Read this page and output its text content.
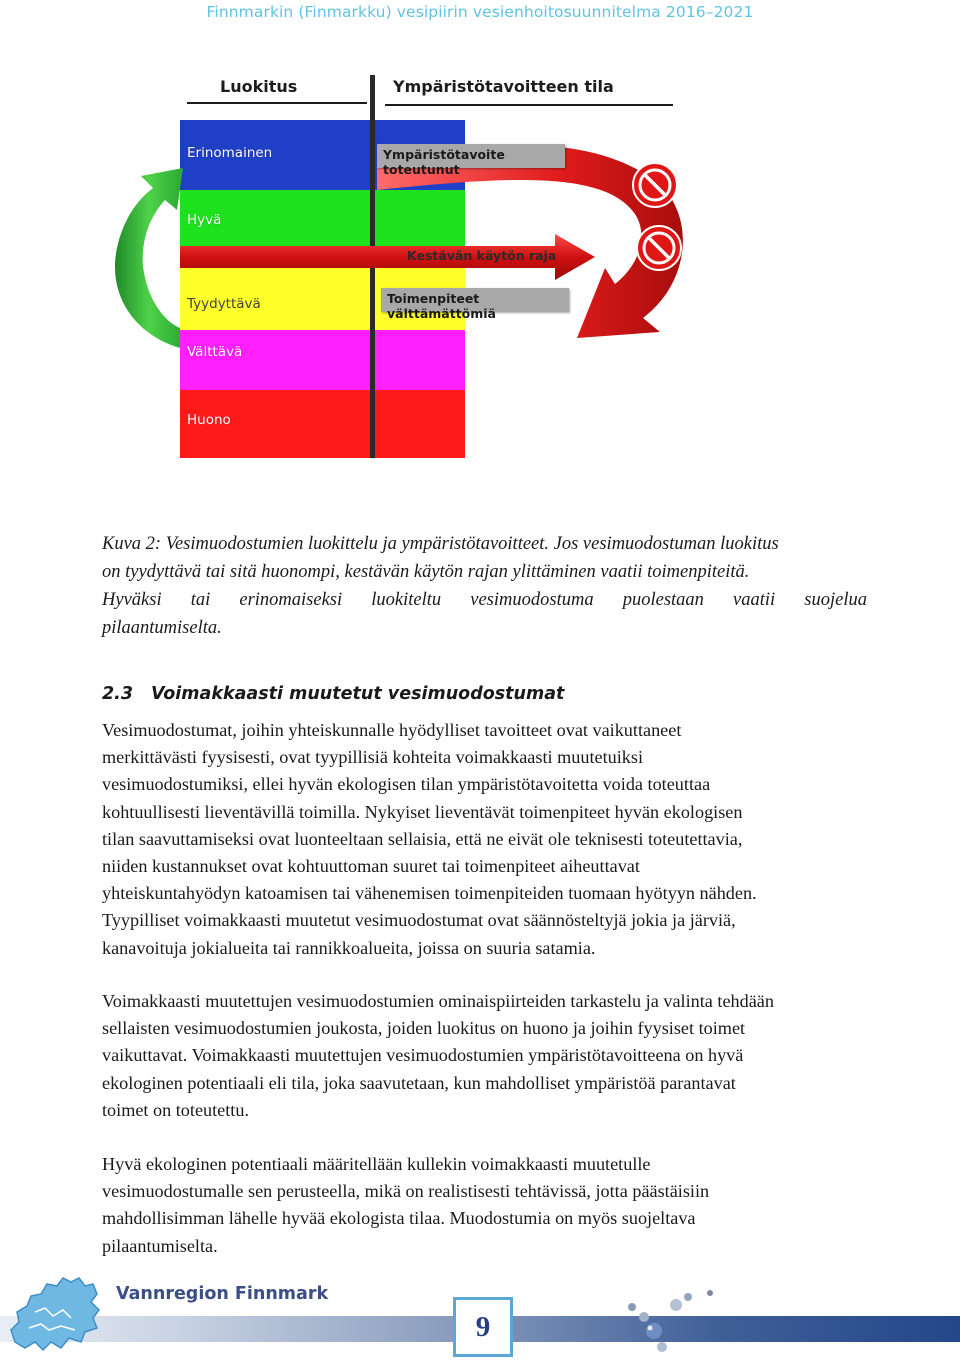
Finnmarkin (Finmarkku) vesipiirin vesienhoitosuunnitelma 2016–2021
Luokitus	Ympäristötavoitteen tila
Erinomainen
Hyvä
Tyydyttävä
Välttävä
Huono
Ympäristötavoite toteutunut
Kestävän käytön raja
Toimenpiteet välttämättömiä
Kuva 2: Vesimuodostumien luokittelu ja ympäristötavoitteet. Jos vesimuodostuman luokitus
on tyydyttävä tai sitä huonompi, kestävän käytön rajan ylittäminen vaatii toimenpiteitä.
Hyväksi tai erinomaiseksi luokiteltu vesimuodostuma puolestaan vaatii suojelua
pilaantumiselta.
2.3 Voimakkaasti muutetut vesimuodostumat
Vesimuodostumat, joihin yhteiskunnalle hyödylliset tavoitteet ovat vaikuttaneet
merkittävästi fyysisesti, ovat tyypillisiä kohteita voimakkaasti muutetuiksi
vesimuodostumiksi, ellei hyvän ekologisen tilan ympäristötavoitetta voida toteuttaa
kohtuullisesti lieventävillä toimilla. Nykyiset lieventävät toimenpiteet hyvän ekologisen
tilan saavuttamiseksi ovat luonteeltaan sellaisia, että ne eivät ole teknisesti toteutettavia,
niiden kustannukset ovat kohtuuttoman suuret tai toimenpiteet aiheuttavat
yhteiskuntahyödyn katoamisen tai vähenemisen toimenpiteiden tuomaan hyötyyn nähden.
Tyypilliset voimakkaasti muutetut vesimuodostumat ovat säännösteltyjä jokia ja järviä,
kanavoituja jokialueita tai rannikkoalueita, joissa on suuria satamia.
Voimakkaasti muutettujen vesimuodostumien ominaispiirteiden tarkastelu ja valinta tehdään
sellaisten vesimuodostumien joukosta, joiden luokitus on huono ja joihin fyysiset toimet
vaikuttavat. Voimakkaasti muutettujen vesimuodostumien ympäristötavoitteena on hyvä
ekologinen potentiaali eli tila, joka saavutetaan, kun mahdolliset ympäristöä parantavat
toimet on toteutettu.
Hyvä ekologinen potentiaali määritellään kullekin voimakkaasti muutetulle
vesimuodostumalle sen perusteella, mikä on realistisesti tehtävissä, jotta päästäisiin
mahdollisimman lähelle hyvää ekologista tilaa. Muodostumia on myös suojeltava
pilaantumiselta.
Vannregion Finnmark
9
